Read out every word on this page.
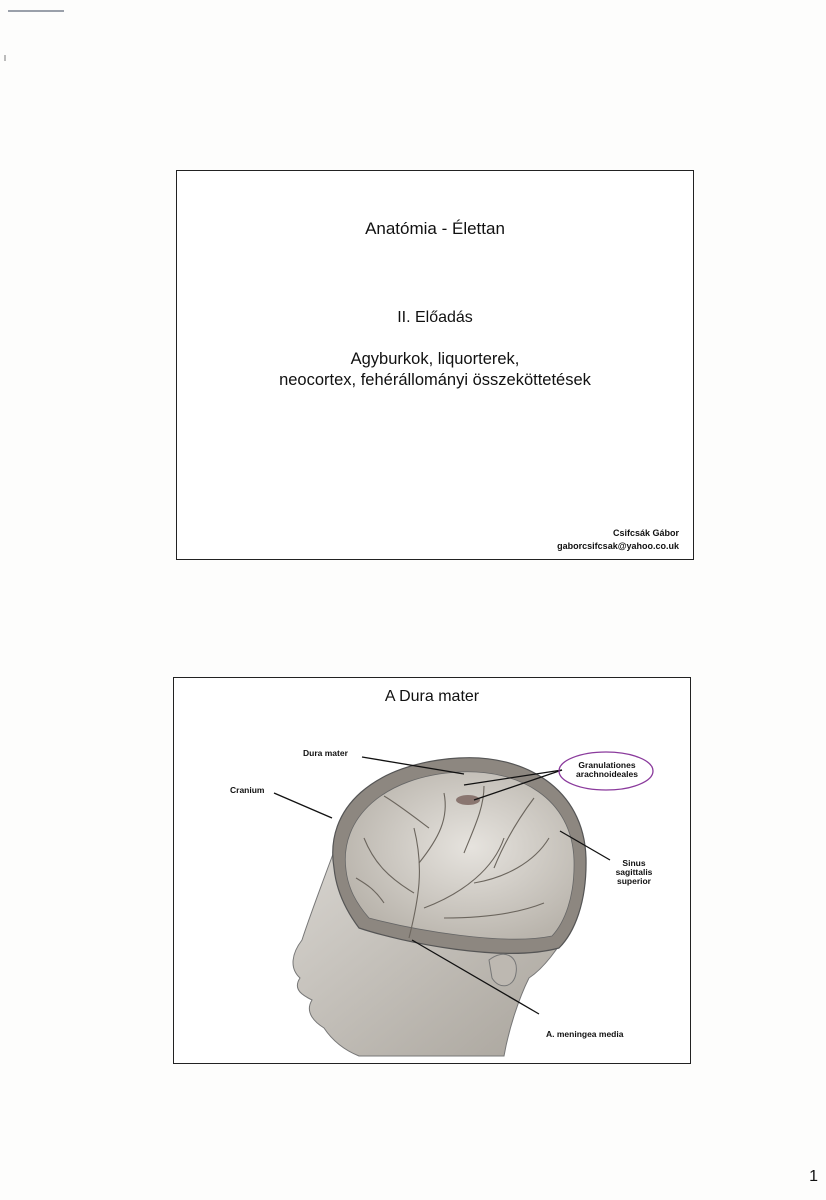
Anatómia - Élettan
II. Előadás
Agyburkok, liquorterek,
neocortex, fehérállományi összeköttetések
Csifcsák Gábor
gaborcsifcsak@yahoo.co.uk
A Dura mater
Dura mater
Cranium
Granulationes
arachnoideales
Sinus
sagittalis
superior
A. meningea media
1
